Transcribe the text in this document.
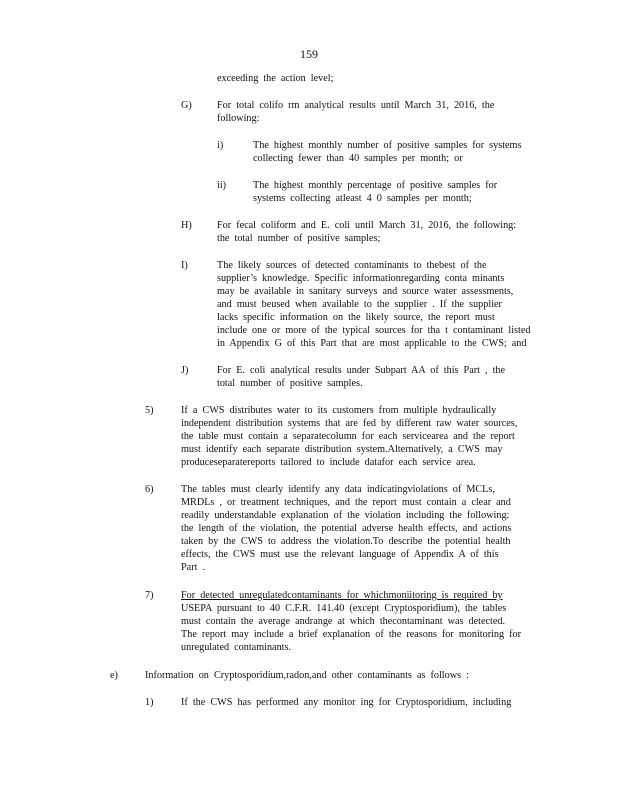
159
exceeding the action level;
G) For total colifo rm analytical results until March 31, 2016, the
following:
i)	The highest monthly number of positive samples for systems
collecting fewer than 40 samples per month; or
ii)	The highest monthly percentage of positive samples for
systems collecting atleast 4 0 samples per month;
H) For fecal coliform and E. coli until March 31, 2016, the following:
the total number of positive samples;
I)	The likely sources of detected contaminants to thebest of the
supplier’s knowledge. Specific informationregarding conta minants
may be available in sanitary surveys and source water assessments,
and must beused when available to the supplier . If the supplier
lacks specific information on the likely source, the report must
include one or more of the typical sources for tha t contaminant listed
in Appendix G of this Part that are most applicable to the CWS; and
J)	For E. coli analytical results under Subpart AA of this Part , the
total number of positive samples.
5)	If a CWS distributes water to its customers from multiple hydraulically
independent distribution systems that are fed by different raw water sources,
the table must contain a separatecolumn for each servicearea and the report
must identify each separate distribution system.Alternatively, a CWS may
produceseparatereports tailored to include datafor each service area.
6)	The tables must clearly identify any data indicatingviolations of MCLs,
MRDLs , or treatment techniques, and the report must contain a clear and
readily understandable explanation of the violation including the following:
the length of the violation, the potential adverse health effects, and actions
taken by the CWS to address the violation.To describe the potential health
effects, the CWS must use the relevant language of Appendix A of this
Part .
7)	For detected unregulatedcontaminants for whichmoniitoring is required by
USEPA pursuant to 40 C.F.R. 141.40 (except Cryptosporidium), the tables
must contain the average andrange at which thecontaminant was detected.
The report may include a brief explanation of the reasons for monitoring for
unregulated contaminants.
e)	Information on Cryptosporidium,radon,and other contaminants as follows :
1)	If the CWS has performed any monitor ing for Cryptosporidium, including
